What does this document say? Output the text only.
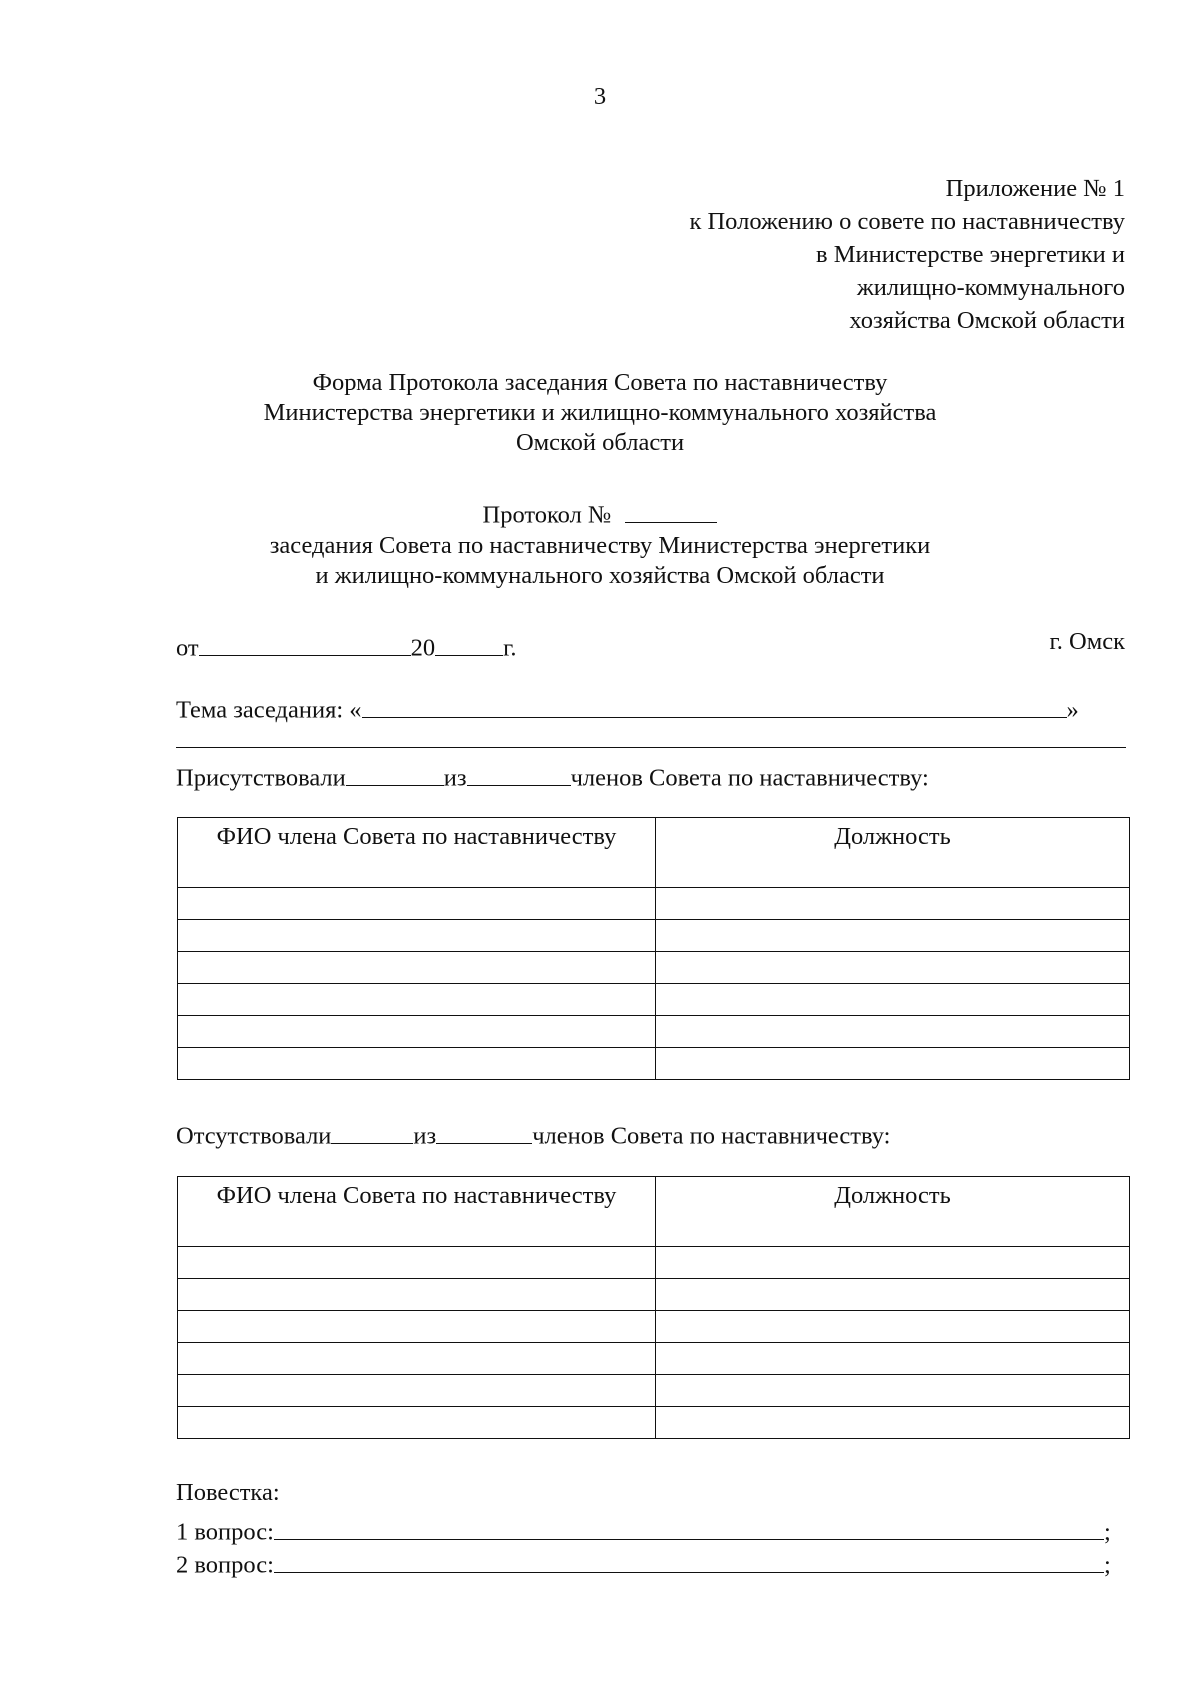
3
Приложение № 1
к Положению о совете по наставничеству
в Министерстве энергетики и
жилищно-коммунального
хозяйства Омской области
Форма Протокола заседания Совета по наставничеству
Министерства энергетики и жилищно-коммунального хозяйства
Омской области
Протокол №
заседания Совета по наставничеству Министерства энергетики
и жилищно-коммунального хозяйства Омской области
от	20	г.	г. Омск
Тема заседания: «	»
Присутствовали	из	членов Совета по наставничеству:
ФИО члена Совета по наставничеству	Должность

Отсутствовали	из	членов Совета по наставничеству:
ФИО члена Совета по наставничеству	Должность

Повестка:
1 вопрос:	;
2 вопрос:	;
